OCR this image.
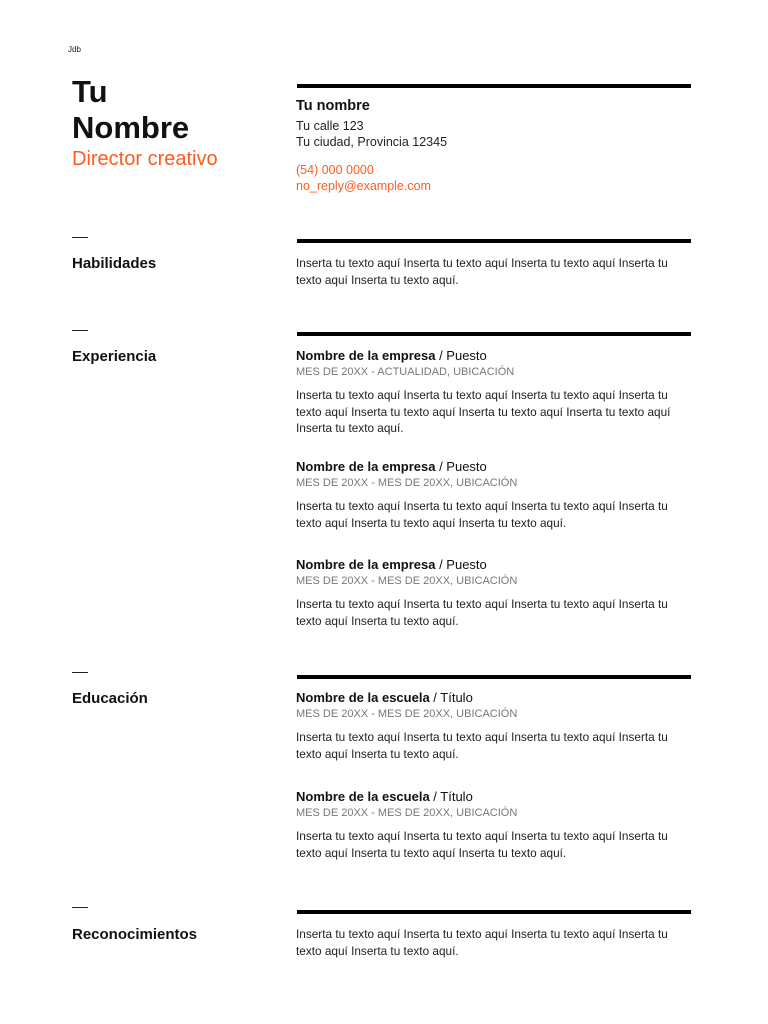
Jdb
Tu
Nombre
Director creativo
Tu nombre
Tu calle 123
Tu ciudad, Provincia 12345
(54) 000 0000
no_reply@example.com
Habilidades	Inserta tu texto aquí Inserta tu texto aquí Inserta tu texto aquí Inserta tu texto aquí Inserta tu texto aquí.
Experiencia	Nombre de la empresa / Puesto
MES DE 20XX - ACTUALIDAD, UBICACIÓN
Inserta tu texto aquí Inserta tu texto aquí Inserta tu texto aquí Inserta tu texto aquí Inserta tu texto aquí Inserta tu texto aquí Inserta tu texto aquí Inserta tu texto aquí.
Nombre de la empresa / Puesto
MES DE 20XX - MES DE 20XX, UBICACIÓN
Inserta tu texto aquí Inserta tu texto aquí Inserta tu texto aquí Inserta tu texto aquí Inserta tu texto aquí Inserta tu texto aquí.
Nombre de la empresa / Puesto
MES DE 20XX - MES DE 20XX, UBICACIÓN
Inserta tu texto aquí Inserta tu texto aquí Inserta tu texto aquí Inserta tu texto aquí Inserta tu texto aquí.
Educación	Nombre de la escuela / Título
MES DE 20XX - MES DE 20XX, UBICACIÓN
Inserta tu texto aquí Inserta tu texto aquí Inserta tu texto aquí Inserta tu texto aquí Inserta tu texto aquí.
Nombre de la escuela / Título
MES DE 20XX - MES DE 20XX, UBICACIÓN
Inserta tu texto aquí Inserta tu texto aquí Inserta tu texto aquí Inserta tu texto aquí Inserta tu texto aquí Inserta tu texto aquí.
Reconocimientos	Inserta tu texto aquí Inserta tu texto aquí Inserta tu texto aquí Inserta tu texto aquí Inserta tu texto aquí.
